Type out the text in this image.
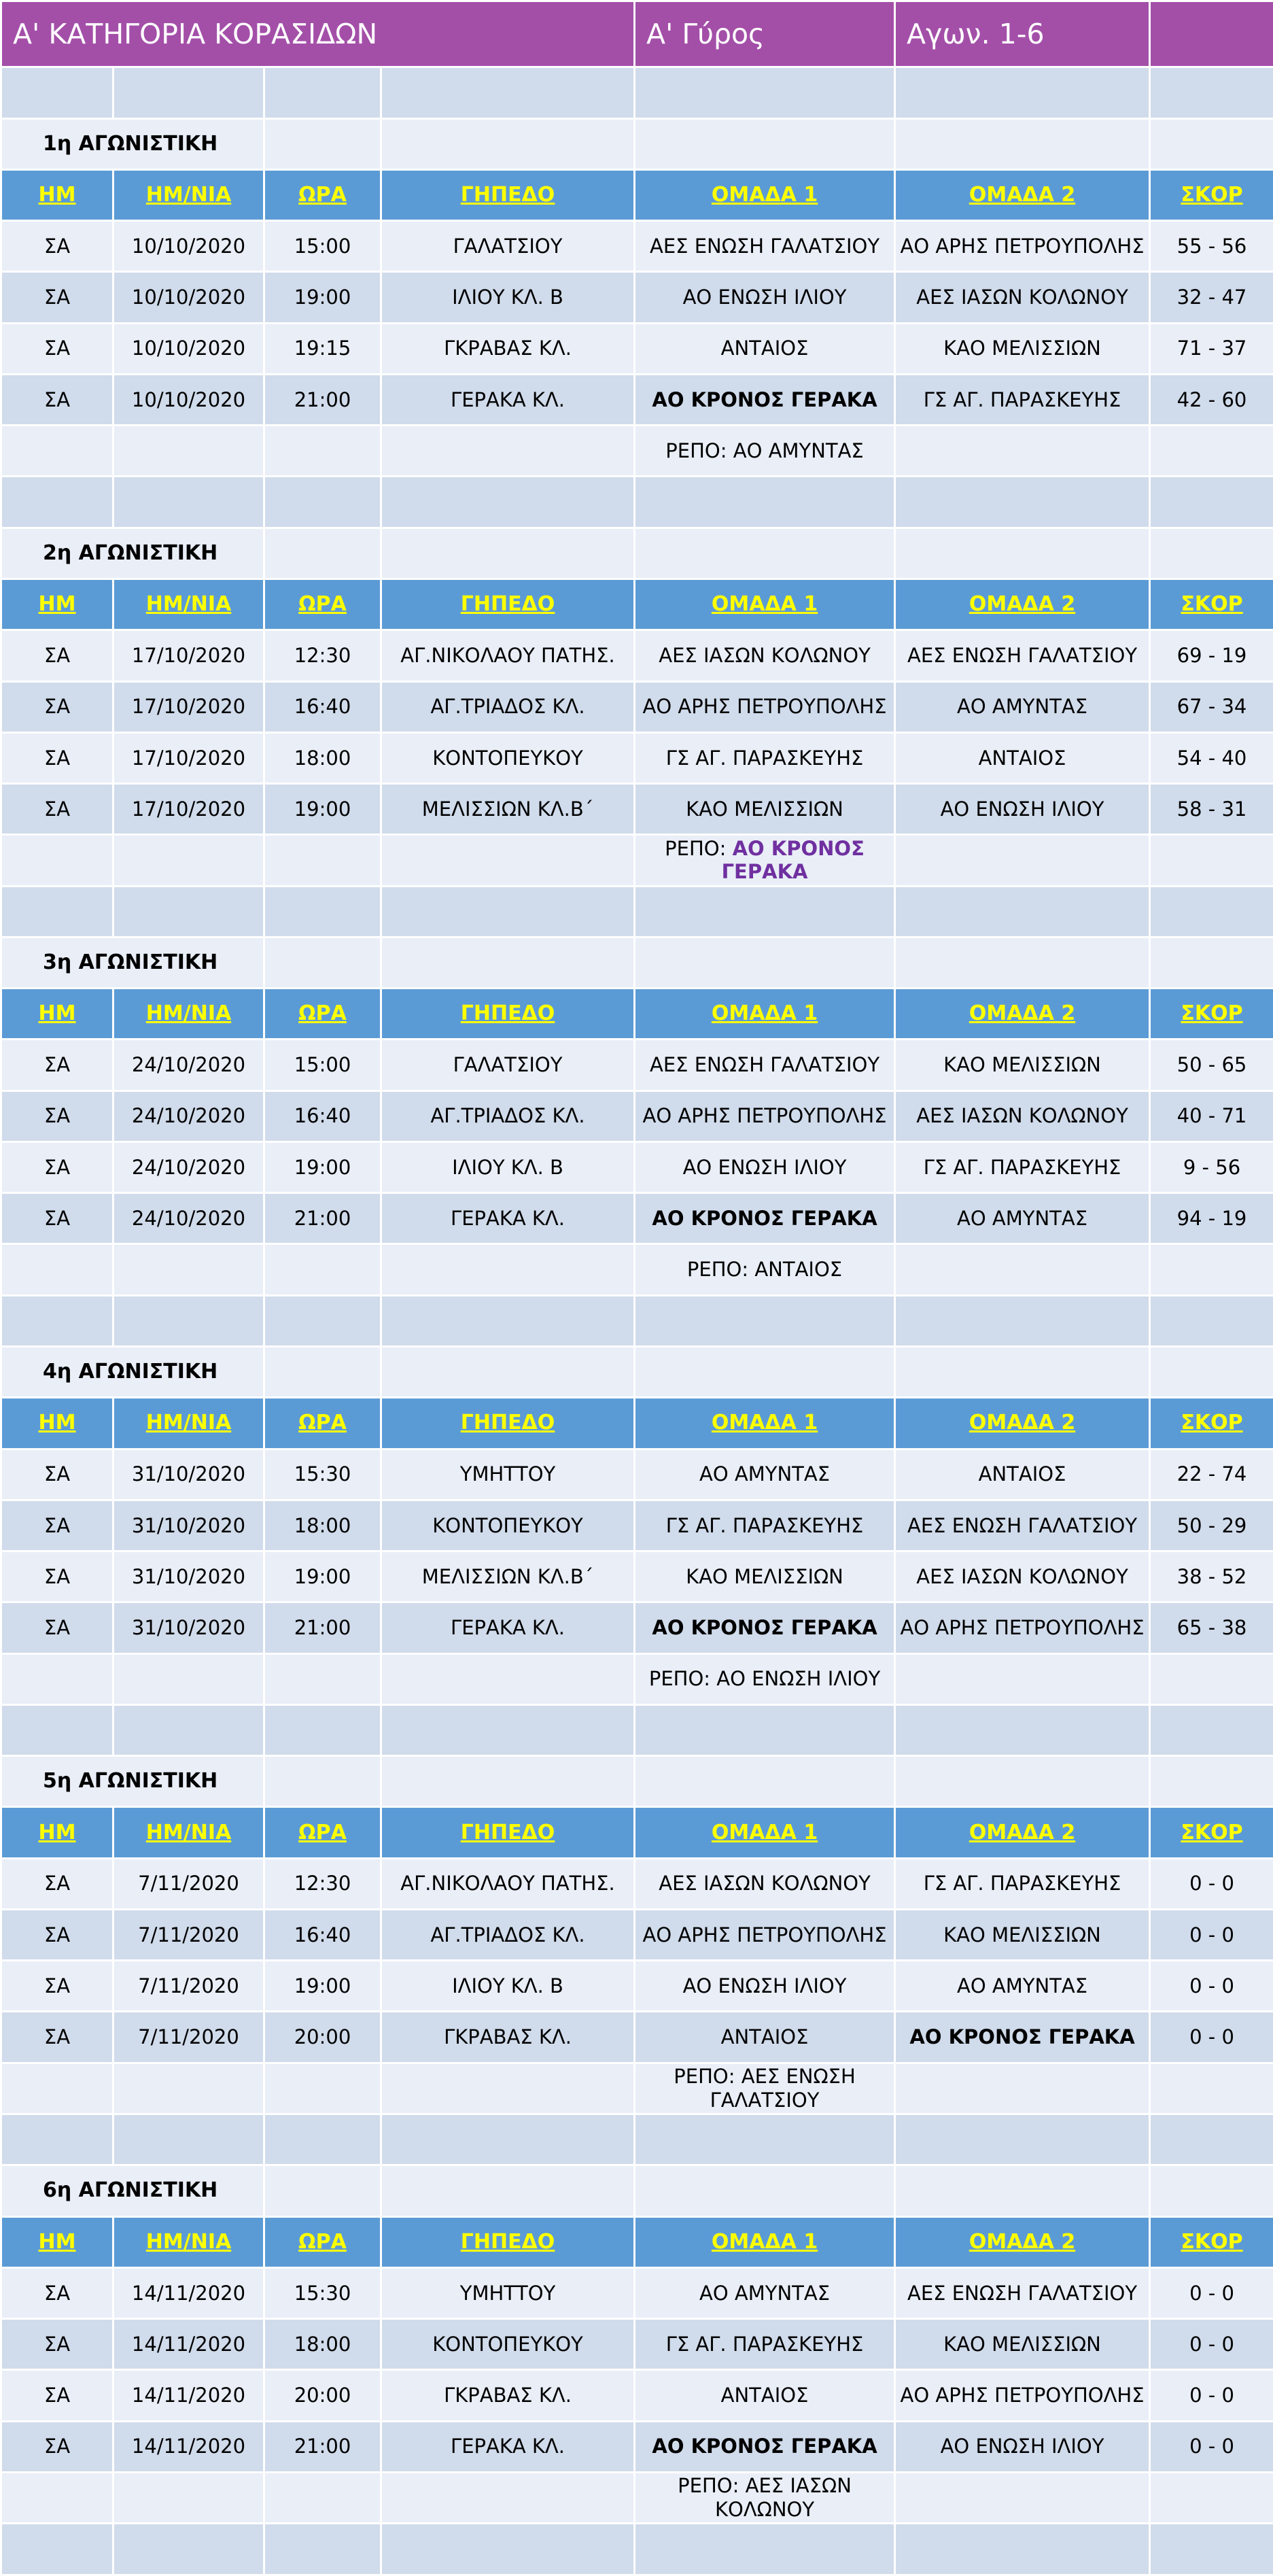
Α' ΚΑΤΗΓΟΡΙΑ ΚΟΡΑΣΙΔΩΝ				Α' Γύρος	Αγων. 1-6	

1η ΑΓΩΝΙΣΤΙΚΗ						
ΗΜ	ΗΜ/ΝΙΑ	ΩΡΑ	ΓΗΠΕΔΟ	ΟΜΑΔΑ 1	ΟΜΑΔΑ 2	ΣΚΟΡ
ΣΑ	10/10/2020	15:00	ΓΑΛΑΤΣΙΟΥ	ΑΕΣ ΕΝΩΣΗ ΓΑΛΑΤΣΙΟΥ	ΑΟ ΑΡΗΣ ΠΕΤΡΟΥΠΟΛΗΣ	55 - 56
ΣΑ	10/10/2020	19:00	ΙΛΙΟΥ ΚΛ. Β	ΑΟ ΕΝΩΣΗ ΙΛΙΟΥ	ΑΕΣ ΙΑΣΩΝ ΚΟΛΩΝΟΥ	32 - 47
ΣΑ	10/10/2020	19:15	ΓΚΡΑΒΑΣ ΚΛ.	ΑΝΤΑΙΟΣ	ΚΑΟ ΜΕΛΙΣΣΙΩΝ	71 - 37
ΣΑ	10/10/2020	21:00	ΓΕΡΑΚΑ ΚΛ.	ΑΟ ΚΡΟΝΟΣ ΓΕΡΑΚΑ	ΓΣ ΑΓ. ΠΑΡΑΣΚΕΥΗΣ	42 - 60
				ΡΕΠΟ: ΑΟ ΑΜΥΝΤΑΣ		

2η ΑΓΩΝΙΣΤΙΚΗ						
ΗΜ	ΗΜ/ΝΙΑ	ΩΡΑ	ΓΗΠΕΔΟ	ΟΜΑΔΑ 1	ΟΜΑΔΑ 2	ΣΚΟΡ
ΣΑ	17/10/2020	12:30	ΑΓ.ΝΙΚΟΛΑΟΥ ΠΑΤΗΣ.	ΑΕΣ ΙΑΣΩΝ ΚΟΛΩΝΟΥ	ΑΕΣ ΕΝΩΣΗ ΓΑΛΑΤΣΙΟΥ	69 - 19
ΣΑ	17/10/2020	16:40	ΑΓ.ΤΡΙΑΔΟΣ ΚΛ.	ΑΟ ΑΡΗΣ ΠΕΤΡΟΥΠΟΛΗΣ	ΑΟ ΑΜΥΝΤΑΣ	67 - 34
ΣΑ	17/10/2020	18:00	ΚΟΝΤΟΠΕΥΚΟΥ	ΓΣ ΑΓ. ΠΑΡΑΣΚΕΥΗΣ	ΑΝΤΑΙΟΣ	54 - 40
ΣΑ	17/10/2020	19:00	ΜΕΛΙΣΣΙΩΝ ΚΛ.Β΄	ΚΑΟ ΜΕΛΙΣΣΙΩΝ	ΑΟ ΕΝΩΣΗ ΙΛΙΟΥ	58 - 31
				ΡΕΠΟ: ΑΟ ΚΡΟΝΟΣ ΓΕΡΑΚΑ		

3η ΑΓΩΝΙΣΤΙΚΗ						
ΗΜ	ΗΜ/ΝΙΑ	ΩΡΑ	ΓΗΠΕΔΟ	ΟΜΑΔΑ 1	ΟΜΑΔΑ 2	ΣΚΟΡ
ΣΑ	24/10/2020	15:00	ΓΑΛΑΤΣΙΟΥ	ΑΕΣ ΕΝΩΣΗ ΓΑΛΑΤΣΙΟΥ	ΚΑΟ ΜΕΛΙΣΣΙΩΝ	50 - 65
ΣΑ	24/10/2020	16:40	ΑΓ.ΤΡΙΑΔΟΣ ΚΛ.	ΑΟ ΑΡΗΣ ΠΕΤΡΟΥΠΟΛΗΣ	ΑΕΣ ΙΑΣΩΝ ΚΟΛΩΝΟΥ	40 - 71
ΣΑ	24/10/2020	19:00	ΙΛΙΟΥ ΚΛ. Β	ΑΟ ΕΝΩΣΗ ΙΛΙΟΥ	ΓΣ ΑΓ. ΠΑΡΑΣΚΕΥΗΣ	9 - 56
ΣΑ	24/10/2020	21:00	ΓΕΡΑΚΑ ΚΛ.	ΑΟ ΚΡΟΝΟΣ ΓΕΡΑΚΑ	ΑΟ ΑΜΥΝΤΑΣ	94 - 19
				ΡΕΠΟ: ΑΝΤΑΙΟΣ		

4η ΑΓΩΝΙΣΤΙΚΗ						
ΗΜ	ΗΜ/ΝΙΑ	ΩΡΑ	ΓΗΠΕΔΟ	ΟΜΑΔΑ 1	ΟΜΑΔΑ 2	ΣΚΟΡ
ΣΑ	31/10/2020	15:30	ΥΜΗΤΤΟΥ	ΑΟ ΑΜΥΝΤΑΣ	ΑΝΤΑΙΟΣ	22 - 74
ΣΑ	31/10/2020	18:00	ΚΟΝΤΟΠΕΥΚΟΥ	ΓΣ ΑΓ. ΠΑΡΑΣΚΕΥΗΣ	ΑΕΣ ΕΝΩΣΗ ΓΑΛΑΤΣΙΟΥ	50 - 29
ΣΑ	31/10/2020	19:00	ΜΕΛΙΣΣΙΩΝ ΚΛ.Β΄	ΚΑΟ ΜΕΛΙΣΣΙΩΝ	ΑΕΣ ΙΑΣΩΝ ΚΟΛΩΝΟΥ	38 - 52
ΣΑ	31/10/2020	21:00	ΓΕΡΑΚΑ ΚΛ.	ΑΟ ΚΡΟΝΟΣ ΓΕΡΑΚΑ	ΑΟ ΑΡΗΣ ΠΕΤΡΟΥΠΟΛΗΣ	65 - 38
				ΡΕΠΟ: ΑΟ ΕΝΩΣΗ ΙΛΙΟΥ		

5η ΑΓΩΝΙΣΤΙΚΗ						
ΗΜ	ΗΜ/ΝΙΑ	ΩΡΑ	ΓΗΠΕΔΟ	ΟΜΑΔΑ 1	ΟΜΑΔΑ 2	ΣΚΟΡ
ΣΑ	7/11/2020	12:30	ΑΓ.ΝΙΚΟΛΑΟΥ ΠΑΤΗΣ.	ΑΕΣ ΙΑΣΩΝ ΚΟΛΩΝΟΥ	ΓΣ ΑΓ. ΠΑΡΑΣΚΕΥΗΣ	0 - 0
ΣΑ	7/11/2020	16:40	ΑΓ.ΤΡΙΑΔΟΣ ΚΛ.	ΑΟ ΑΡΗΣ ΠΕΤΡΟΥΠΟΛΗΣ	ΚΑΟ ΜΕΛΙΣΣΙΩΝ	0 - 0
ΣΑ	7/11/2020	19:00	ΙΛΙΟΥ ΚΛ. Β	ΑΟ ΕΝΩΣΗ ΙΛΙΟΥ	ΑΟ ΑΜΥΝΤΑΣ	0 - 0
ΣΑ	7/11/2020	20:00	ΓΚΡΑΒΑΣ ΚΛ.	ΑΝΤΑΙΟΣ	ΑΟ ΚΡΟΝΟΣ ΓΕΡΑΚΑ	0 - 0
				ΡΕΠΟ: ΑΕΣ ΕΝΩΣΗ ΓΑΛΑΤΣΙΟΥ		

6η ΑΓΩΝΙΣΤΙΚΗ						
ΗΜ	ΗΜ/ΝΙΑ	ΩΡΑ	ΓΗΠΕΔΟ	ΟΜΑΔΑ 1	ΟΜΑΔΑ 2	ΣΚΟΡ
ΣΑ	14/11/2020	15:30	ΥΜΗΤΤΟΥ	ΑΟ ΑΜΥΝΤΑΣ	ΑΕΣ ΕΝΩΣΗ ΓΑΛΑΤΣΙΟΥ	0 - 0
ΣΑ	14/11/2020	18:00	ΚΟΝΤΟΠΕΥΚΟΥ	ΓΣ ΑΓ. ΠΑΡΑΣΚΕΥΗΣ	ΚΑΟ ΜΕΛΙΣΣΙΩΝ	0 - 0
ΣΑ	14/11/2020	20:00	ΓΚΡΑΒΑΣ ΚΛ.	ΑΝΤΑΙΟΣ	ΑΟ ΑΡΗΣ ΠΕΤΡΟΥΠΟΛΗΣ	0 - 0
ΣΑ	14/11/2020	21:00	ΓΕΡΑΚΑ ΚΛ.	ΑΟ ΚΡΟΝΟΣ ΓΕΡΑΚΑ	ΑΟ ΕΝΩΣΗ ΙΛΙΟΥ	0 - 0
				ΡΕΠΟ: ΑΕΣ ΙΑΣΩΝ ΚΟΛΩΝΟΥ		
